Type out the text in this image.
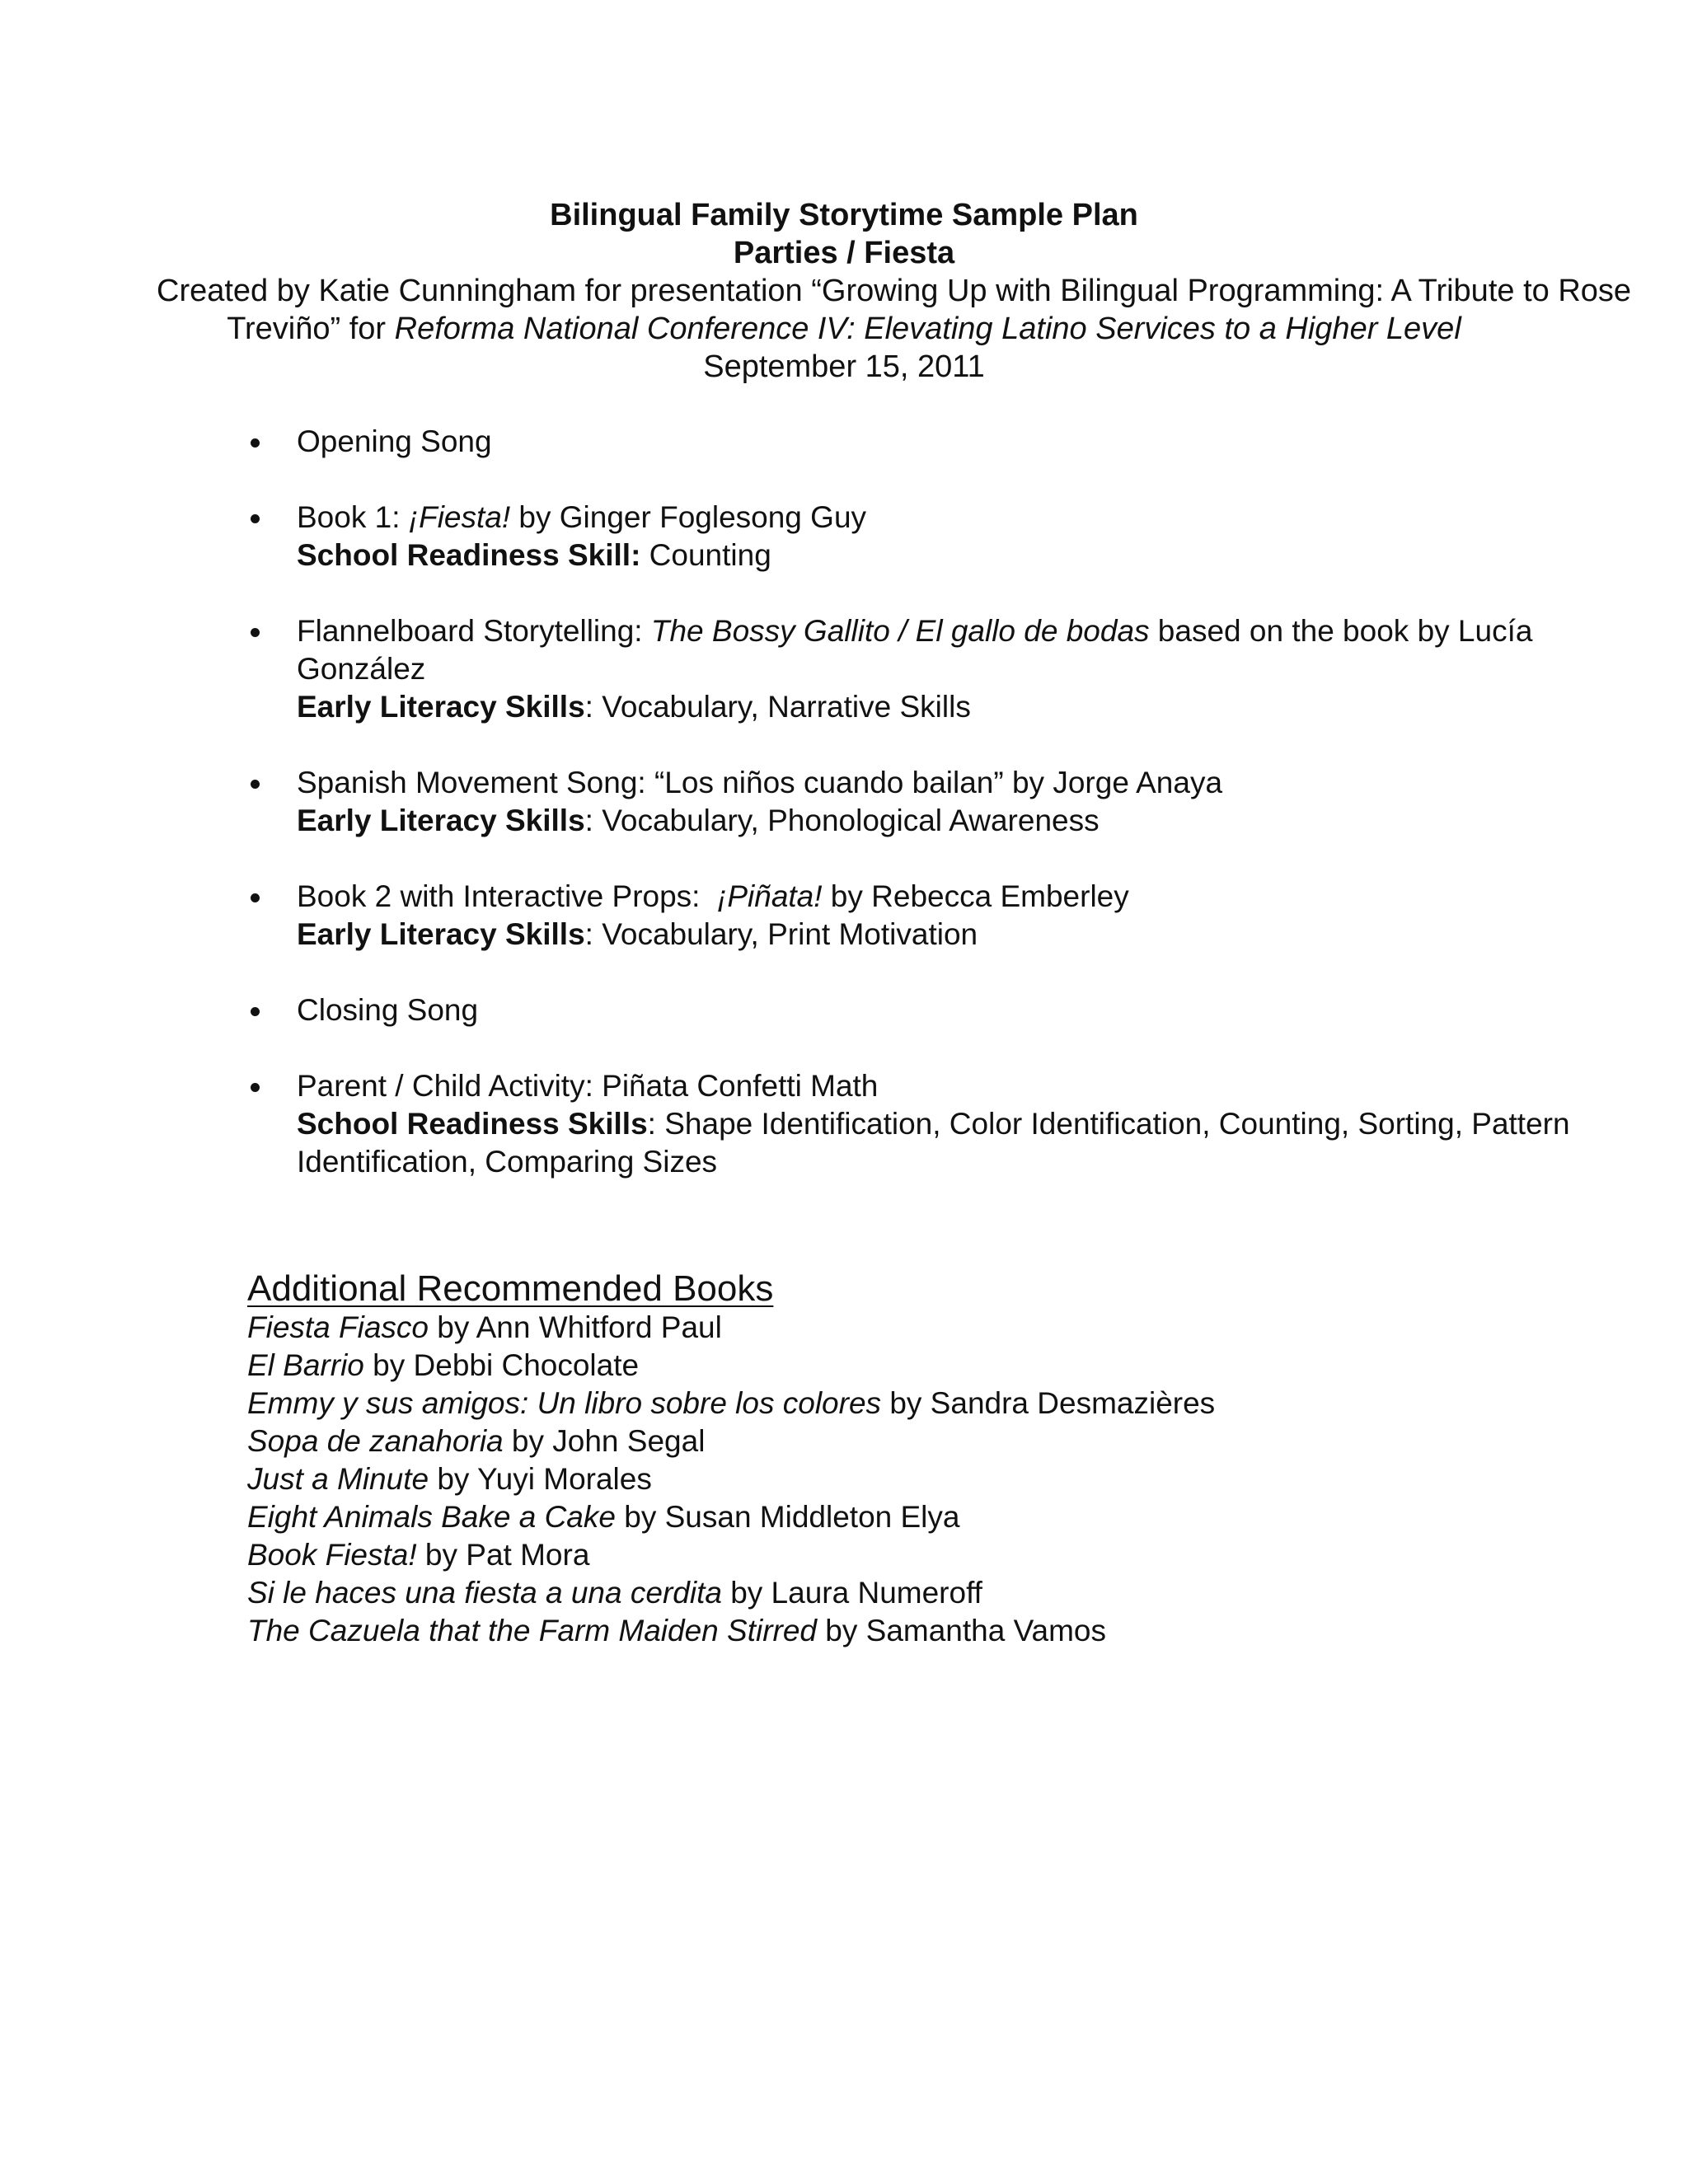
Bilingual Family Storytime Sample Plan
Parties / Fiesta
Created by Katie Cunningham for presentation “Growing Up with Bilingual Programming: A Tribute to Rose
Treviño” for Reforma National Conference IV: Elevating Latino Services to a Higher Level
September 15, 2011
Opening Song
Book 1: ¡Fiesta! by Ginger Foglesong Guy
School Readiness Skill: Counting
Flannelboard Storytelling: The Bossy Gallito / El gallo de bodas based on the book by Lucía
González
Early Literacy Skills: Vocabulary, Narrative Skills
Spanish Movement Song: “Los niños cuando bailan” by Jorge Anaya
Early Literacy Skills: Vocabulary, Phonological Awareness
Book 2 with Interactive Props:  ¡Piñata! by Rebecca Emberley
Early Literacy Skills: Vocabulary, Print Motivation
Closing Song
Parent / Child Activity: Piñata Confetti Math
School Readiness Skills: Shape Identification, Color Identification, Counting, Sorting, Pattern
Identification, Comparing Sizes
Additional Recommended Books
Fiesta Fiasco by Ann Whitford Paul
El Barrio by Debbi Chocolate
Emmy y sus amigos: Un libro sobre los colores by Sandra Desmazières
Sopa de zanahoria by John Segal
Just a Minute by Yuyi Morales
Eight Animals Bake a Cake by Susan Middleton Elya
Book Fiesta! by Pat Mora
Si le haces una fiesta a una cerdita by Laura Numeroff
The Cazuela that the Farm Maiden Stirred by Samantha Vamos
